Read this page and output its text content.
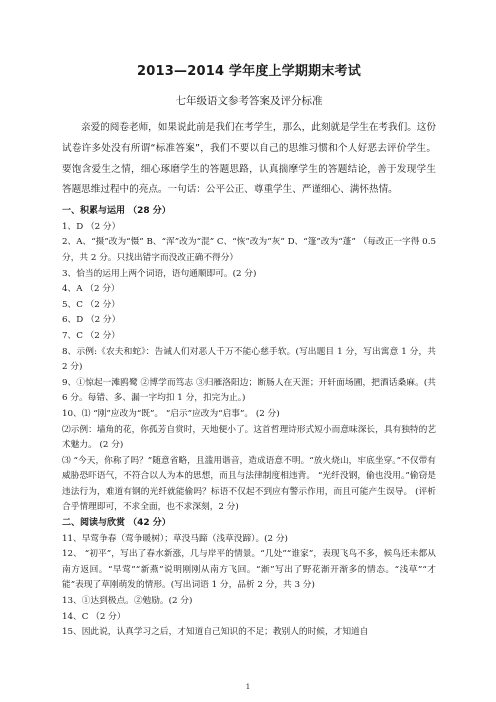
2013—2014 学年度上学期期末考试

七年级语文参考答案及评分标准

亲爱的阅卷老师，如果说此前是我们在考学生，那么，此刻就是学生在考我们。这份试卷许多处没有所谓“标准答案”，我们不要以自己的思维习惯和个人好恶去评价学生。要饱含爱生之情，细心琢磨学生的答题思路，认真揣摩学生的答题结论，善于发现学生答题思维过程中的亮点。一句话：公平公正、尊重学生、严谨细心、满怀热情。

一、积累与运用 （28 分）

1、D （2 分）

2、A、“摄”改为“慑” B、“浑”改为“混” C、“恢”改为“灰” D、“篷”改为“蓬” （每改正一字得 0.5 分，共 2 分。只找出错字而没改正确不得分）

3、恰当的运用上两个词语，语句通顺即可。(2 分)

4、A （2 分）

5、C （2 分）

6、D （2 分）

7、C （2 分）

8、示例:《农夫和蛇》：告诫人们对恶人千万不能心慈手软。(写出题目 1 分，写出寓意 1 分，共 2 分)

9、①惊起一滩鸥鹭 ②博学而笃志 ③归雁洛阳边；断肠人在天涯；开轩面场圃，把酒话桑麻。(共 6 分。每错、多、漏一字均扣 1 分，扣完为止。)

10、⑴ “刚”应改为“既”。 “启示”应改为“启事”。 (2 分)

⑵示例：墙角的花，你孤芳自赏时，天地便小了。这首哲理诗形式短小而意味深长，具有独特的艺术魅力。 (2 分)

⑶ “今天，你称了吗？”随意省略，且滥用谐音，造成语意不明。“放火烧山，牢底坐穿。”不仅带有威胁恐吓语气，不符合以人为本的思想，而且与法律制度相违背。 “光纤没钢，偷也没用。”偷窃是违法行为，难道有钢的光纤就能偷吗？标语不仅起不到应有警示作用，而且可能产生误导。 (评析合乎情理即可，不求全面，也不求深刻，2 分)

二、阅读与欣赏 （42 分）

11、早莺争春（莺争暖树）；草没马蹄（浅草没蹄）。(2 分)

12、 “初平”，写出了春水新涨，几与岸平的情景。“几处”“谁家”，表现飞鸟不多，候鸟还未都从南方返回。“早莺”“新燕”说明刚刚从南方飞回。“渐”写出了野花渐开渐多的情态。“浅草”“才能”表现了草刚萌发的情形。(写出词语 1 分，品析 2 分，共 3 分)

13、①达到极点。②勉励。(2 分)

14、C （2 分）

15、因此说，认真学习之后，才知道自己知识的不足；教别人的时候，才知道自

1
